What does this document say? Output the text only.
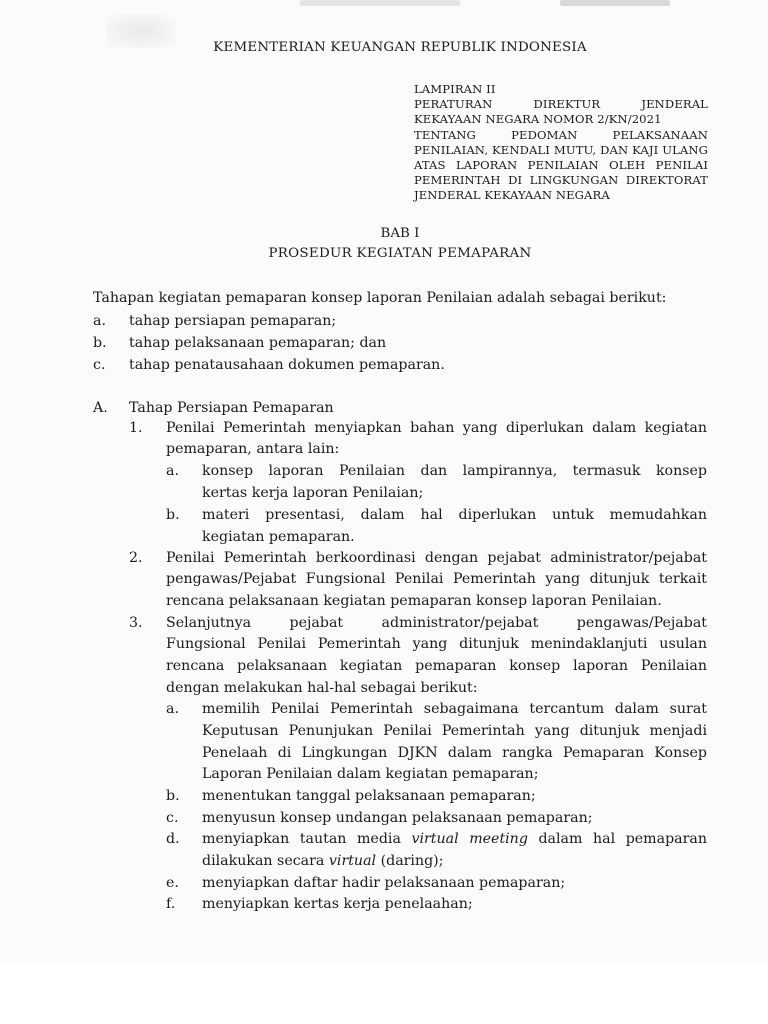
KEMENTERIAN KEUANGAN REPUBLIK INDONESIA
LAMPIRAN II
PERATURAN DIREKTUR JENDERAL
KEKAYAAN NEGARA NOMOR 2/KN/2021
TENTANG PEDOMAN PELAKSANAAN
PENILAIAN, KENDALI MUTU, DAN KAJI ULANG
ATAS LAPORAN PENILAIAN OLEH PENILAI
PEMERINTAH DI LINGKUNGAN DIREKTORAT
JENDERAL KEKAYAAN NEGARA
BAB I
PROSEDUR KEGIATAN PEMAPARAN
Tahapan kegiatan pemaparan konsep laporan Penilaian adalah sebagai berikut:
a. tahap persiapan pemaparan;
b. tahap pelaksanaan pemaparan; dan
c. tahap penatausahaan dokumen pemaparan.
A. Tahap Persiapan Pemaparan
1. Penilai Pemerintah menyiapkan bahan yang diperlukan dalam kegiatan
pemaparan, antara lain:
a. konsep laporan Penilaian dan lampirannya, termasuk konsep
kertas kerja laporan Penilaian;
b. materi presentasi, dalam hal diperlukan untuk memudahkan
kegiatan pemaparan.
2. Penilai Pemerintah berkoordinasi dengan pejabat administrator/pejabat
pengawas/Pejabat Fungsional Penilai Pemerintah yang ditunjuk terkait
rencana pelaksanaan kegiatan pemaparan konsep laporan Penilaian.
3. Selanjutnya pejabat administrator/pejabat pengawas/Pejabat
Fungsional Penilai Pemerintah yang ditunjuk menindaklanjuti usulan
rencana pelaksanaan kegiatan pemaparan konsep laporan Penilaian
dengan melakukan hal-hal sebagai berikut:
a. memilih Penilai Pemerintah sebagaimana tercantum dalam surat
Keputusan Penunjukan Penilai Pemerintah yang ditunjuk menjadi
Penelaah di Lingkungan DJKN dalam rangka Pemaparan Konsep
Laporan Penilaian dalam kegiatan pemaparan;
b. menentukan tanggal pelaksanaan pemaparan;
c. menyusun konsep undangan pelaksanaan pemaparan;
d. menyiapkan tautan media virtual meeting dalam hal pemaparan
dilakukan secara virtual (daring);
e. menyiapkan daftar hadir pelaksanaan pemaparan;
f. menyiapkan kertas kerja penelaahan;
